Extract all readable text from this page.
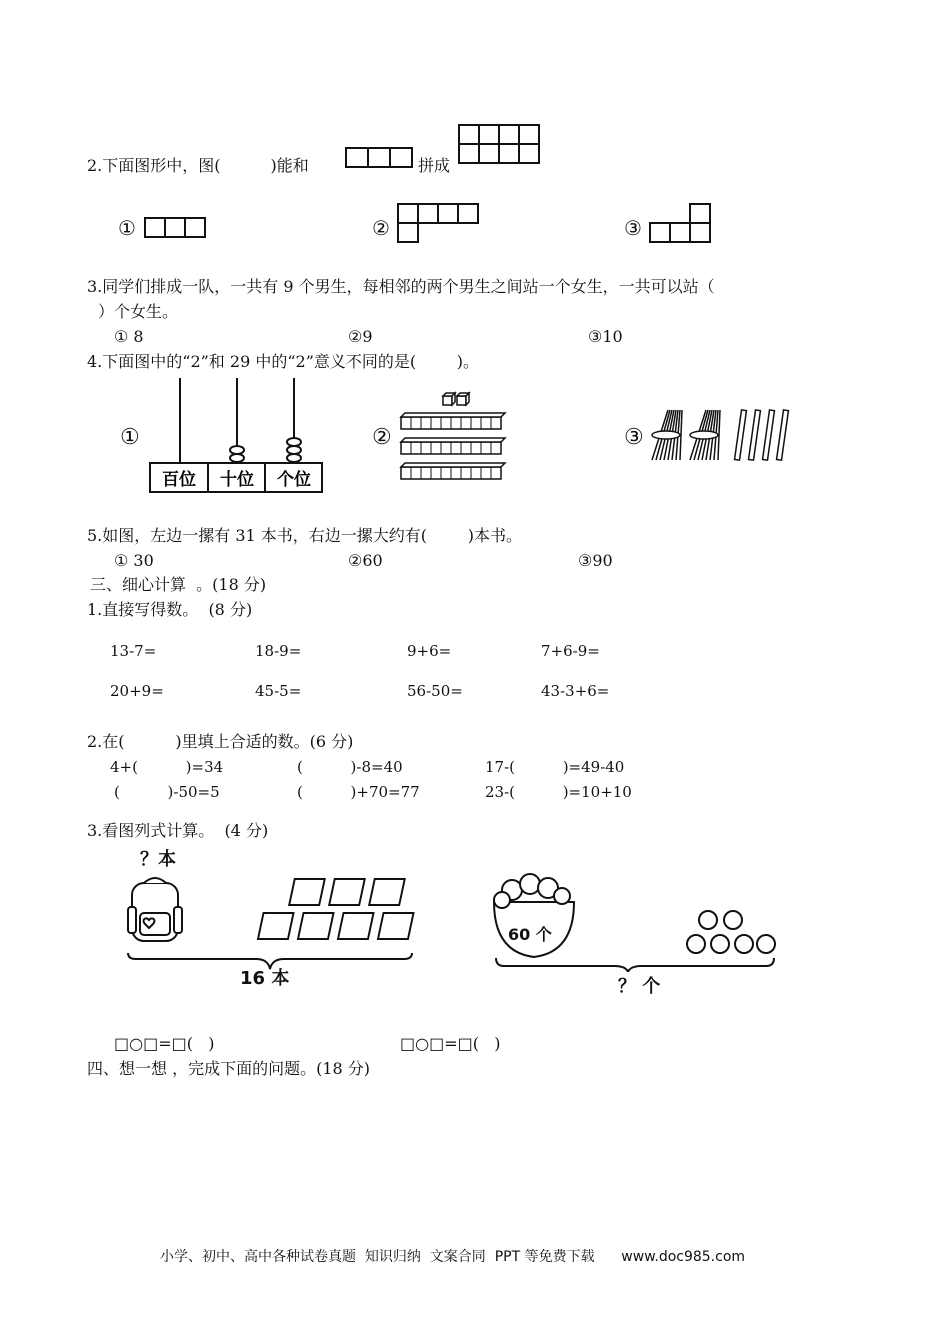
2.下面图形中，图( )能和	拼成
①	②	③
3.同学们排成一队，一共有 9 个男生，每相邻的两个男生之间站一个女生，一共可以站（
）个女生。
① 8	②9	③10
4.下面图中的“2”和 29 中的“2”意义不同的是(        )。
①
百位 十位 个位
②	③
5.如图，左边一摞有 31 本书，右边一摞大约有(        )本书。
① 30	②60	③90
三、细心计算  。(18 分)
1.直接写得数。  (8 分)
13-7=	18-9=	9+6=	7+6-9=
20+9=	45-5=	56-50=	43-3+6=
2.在(          )里填上合适的数。(6 分)
4+(          )=34	(          )-8=40	17-(          )=49-40
(          )-50=5	(          )+70=77	23-(          )=10+10
3.看图列式计算。  (4 分)
？本
16 本
60 个
？ 个
□○□=□(   )	□○□=□(   )
四、想一想 ，完成下面的问题。(18 分)
小学、初中、高中各种试卷真题  知识归纳  文案合同  PPT 等免费下载 www.doc985.com
